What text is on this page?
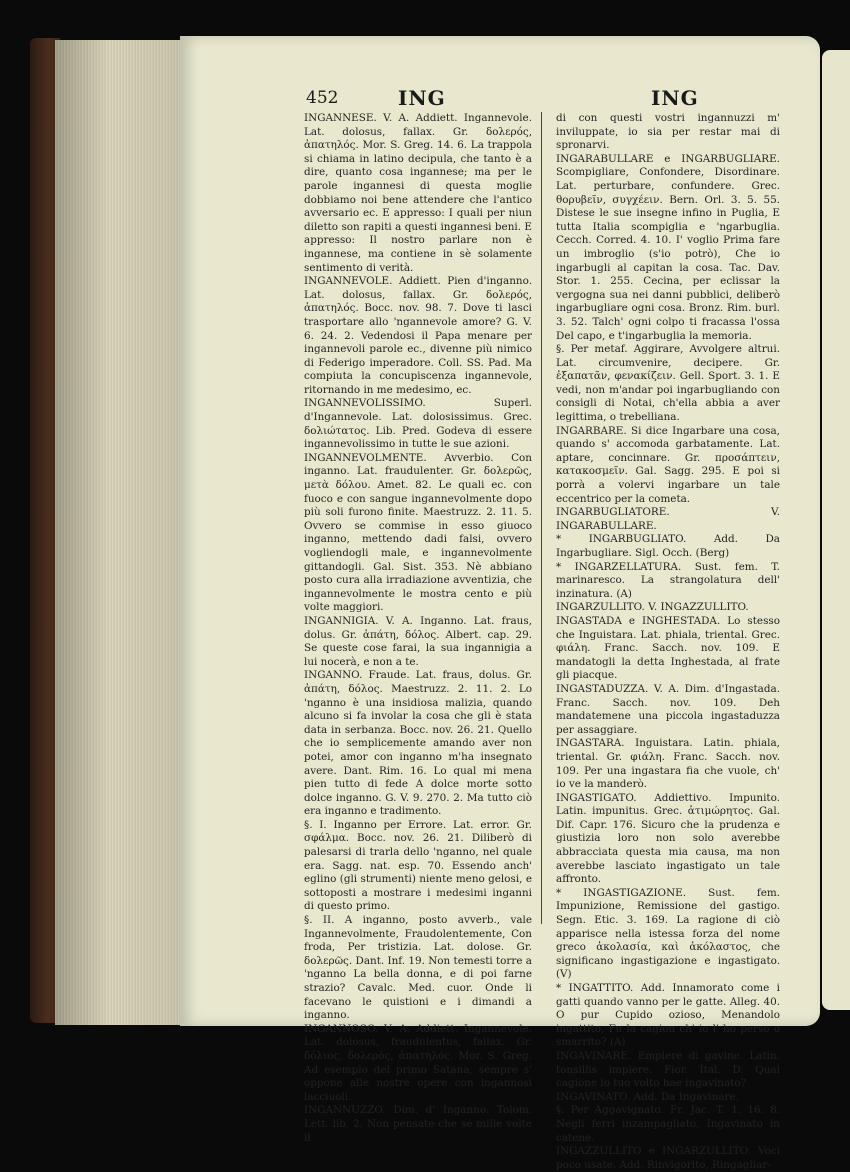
452	ING	ING

INGANNESE. V. A. Addiett. Ingannevole. Lat. dolosus, fallax. Gr. δολερός, ἀπατηλός. Mor. S. Greg. 14. 6. La trappola si chiama in latino decipula, che tanto è a dire, quanto cosa ingannese; ma per le parole ingannesi di questa moglie dobbiamo noi bene attendere che l'antico avversario ec. E appresso: I quali per niun diletto son rapiti a questi ingannesi beni. E appresso: Il nostro parlare non è ingannese, ma contiene in sè solamente sentimento di verità.

INGANNEVOLE. Addiett. Pien d'inganno. Lat. dolosus, fallax. Gr. δολερός, ἀπατηλός. Bocc. nov. 98. 7. Dove ti lasci trasportare allo 'ngannevole amore? G. V. 6. 24. 2. Vedendosi il Papa menare per ingannevoli parole ec., divenne più nimico di Federigo imperadore. Coll. SS. Pad. Ma compiuta la concupiscenza ingannevole, ritornando in me medesimo, ec.

INGANNEVOLISSIMO. Superl. d'Ingannevole. Lat. dolosissimus. Grec. δολιώτατος. Lib. Pred. Godeva di essere ingannevolissimo in tutte le sue azioni.

INGANNEVOLMENTE. Avverbio. Con inganno. Lat. fraudulenter. Gr. δολερῶς, μετὰ δόλου. Amet. 82. Le quali ec. con fuoco e con sangue ingannevolmente dopo più soli furono finite. Maestruzz. 2. 11. 5. Ovvero se commise in esso giuoco inganno, mettendo dadi falsi, ovvero vogliendogli male, e ingannevolmente gittandogli. Gal. Sist. 353. Nè abbiano posto cura alla irradiazione avventizia, che ingannevolmente le mostra cento e più volte maggiori.

INGANNIGIA. V. A. Inganno. Lat. fraus, dolus. Gr. ἀπάτη, δόλος. Albert. cap. 29. Se queste cose farai, la sua ingannigia a lui nocerà, e non a te.

INGANNO. Fraude. Lat. fraus, dolus. Gr. ἀπάτη, δόλος. Maestruzz. 2. 11. 2. Lo 'nganno è una insidiosa malizia, quando alcuno si fa involar la cosa che gli è stata data in serbanza. Bocc. nov. 26. 21. Quello che io semplicemente amando aver non potei, amor con inganno m'ha insegnato avere. Dant. Rim. 16. Lo qual mi mena pien tutto di fede A dolce morte sotto dolce inganno. G. V. 9. 270. 2. Ma tutto ciò era inganno e tradimento.

§. I. Inganno per Errore. Lat. error. Gr. σφάλμα. Bocc. nov. 26. 21. Diliberò di palesarsi di trarla dello 'nganno, nel quale era. Sagg. nat. esp. 70. Essendo anch' eglino (gli strumenti) niente meno gelosi, e sottoposti a mostrare i medesimi inganni di questo primo.

§. II. A inganno, posto avverb., vale Ingannevolmente, Fraudolentemente, Con froda, Per tristizia. Lat. dolose. Gr. δολερῶς. Dant. Inf. 19. Non temesti torre a 'nganno La bella donna, e di poi farne strazio? Cavalc. Med. cuor. Onde li facevano le quistioni e i dimandi a inganno.

INGANNOSO. V. A. Addiett. Ingannevole. Lat. dolosus, fraudulentus, fallax. Gr. δόλιος, δολερός, ἀπατηλός. Mor. S. Greg. Ad esemplo del primo Satana, sempre s' oppone alle nostre opere con ingannosi lacciuoli.

INGANNUZZO. Dim. d' Inganno. Tolom. Lett. lib. 2. Non pensate che se mille volte il

di con questi vostri ingannuzzi m' inviluppate, io sia per restar mai di spronarvi.

INGARABULLARE e INGARBUGLIARE. Scompigliare, Confondere, Disordinare. Lat. perturbare, confundere. Grec. θορυβεῖν, συγχέειν. Bern. Orl. 3. 5. 55. Distese le sue insegne infino in Puglia, E tutta Italia scompiglia e 'ngarbuglia. Cecch. Corred. 4. 10. I' voglio Prima fare un imbroglio (s'io potrò), Che io ingarbugli al capitan la cosa. Tac. Dav. Stor. 1. 255. Cecina, per eclissar la vergogna sua nei danni pubblici, deliberò ingarbugliare ogni cosa. Bronz. Rim. burl. 3. 52. Talch' ogni colpo ti fracassa l'ossa Del capo, e t'ingarbuglia la memoria.

§. Per metaf. Aggirare, Avvolgere altrui. Lat. circumvenire, decipere. Gr. ἐξαπατᾶν, φενακίζειν. Gell. Sport. 3. 1. E vedi, non m'andar poi ingarbugliando con consigli di Notai, ch'ella abbia a aver legittima, o trebelliana.

INGARBARE. Si dice Ingarbare una cosa, quando s' accomoda garbatamente. Lat. aptare, concinnare. Gr. προσάπτειν, κατακοσμεῖν. Gal. Sagg. 295. E poi si porrà a volervi ingarbare un tale eccentrico per la cometa.

INGARBUGLIATORE. V. INGARABULLARE.

* INGARBUGLIATO. Add. Da Ingarbugliare. Sigl. Occh. (Berg)

* INGARZELLATURA. Sust. fem. T. marinaresco. La strangolatura dell' inzinatura. (A)

INGARZULLITO. V. INGAZZULLITO.

INGASTADA e INGHESTADA. Lo stesso che Inguistara. Lat. phiala, triental. Grec. φιάλη. Franc. Sacch. nov. 109. E mandatogli la detta Inghestada, al frate gli piacque.

INGASTADUZZA. V. A. Dim. d'Ingastada. Franc. Sacch. nov. 109. Deh mandatemene una piccola ingastaduzza per assaggiare.

INGASTARA. Inguistara. Latin. phiala, triental. Gr. φιάλη. Franc. Sacch. nov. 109. Per una ingastara fia che vuole, ch' io ve la manderò.

INGASTIGATO. Addiettivo. Impunito. Latin. impunitus. Grec. ἀτιμώρητος. Gal. Dif. Capr. 176. Sicuro che la prudenza e giustizia loro non solo averebbe abbracciata questa mia causa, ma non averebbe lasciato ingastigato un tale affronto.

* INGASTIGAZIONE. Sust. fem. Impunizione, Remissione del gastigo. Segn. Etic. 3. 169. La ragione di ciò apparisce nella istessa forza del nome greco ἀκολασία, καὶ ἀκόλαστος, che significano ingastigazione e ingastigato. (V)

* INGATTITO. Add. Innamorato come i gatti quando vanno per le gatte. Alleg. 40. O pur Cupido ozioso, Menandolo ingattito, Fu la cagion ch' io l' ho perso o smarrito? (A)

INGAVINARE. Empiere di gavine. Latin. tonsillis implere. Fior. Ital. D. Qual cagione lo tuo volto hae ingavinato?

INGAVINATO. Add. Da Ingavinare.

§. Per Aggavignato. Fr. Jac. T. 1. 16. 8. Negli ferri inzampagliato, Ingavinato in catene.

INGAZZULLITO e INGARZULLITO. Voci poco usate. Add. Rinvigorito, Ringagliar-
